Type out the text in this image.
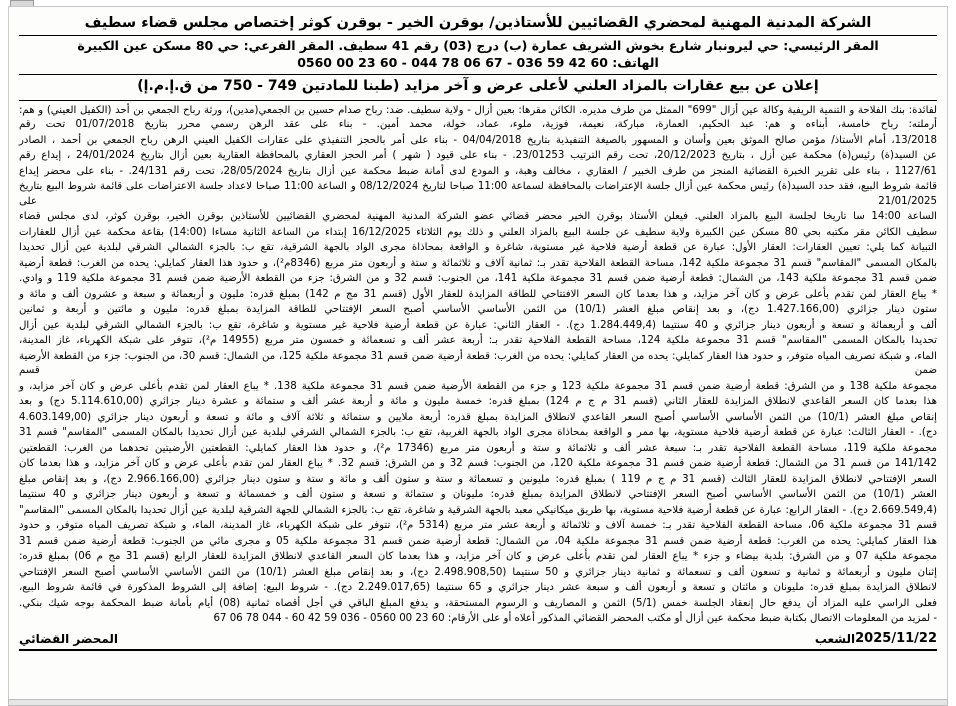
الشركة المدنية المهنية لمحضري القضائيين للأستاذين/ بوقرن الخير - بوقرن كوثر إختصاص مجلس قضاء سطيف
المقر الرئيسي: حي ليرونبار شارع بخوش الشريف عمارة (ب) درج (03) رقم 41 سطيف. المقر الفرعي: حي 80 مسكن عين الكبيرة
الهاتف: 60 42 59 036 - 67 06 78 044 - 60 23 00 0560
إعلان عن بيع عقارات بالمزاد العلني لأعلى عرض و آخر مزايد (طبنا للمادتين 749 - 750 من ق.إ.م.إ)

لفائدة: بنك الفلاحة و التنمية الريفية وكالة عين أزال "699" الممثل من طرف مديره. الكائن مقرها: بعين أزال - ولاية سطيف. ضد: رباح صدام حسين بن الجمعي(مدين)، ورثة رباح الجمعي بن أحد (الكفيل العيني) و هم: أرملته: رباح خامسة، أبناءه و هم: عبد الحكيم، العمارة، مباركة، نعيمة، فوزية، ملوء، عماد، خولة، محمد أمين. - بناء على عقد الرهن رسمي محرر بتاريخ 01/07/2018 تحت رقم

13/2018، أمام الأستاذ/ مؤمن صالح الموثق بعين وأسان و المسهور بالصيغة التنفيذية بتاريخ 04/04/2018 - بناء على أمر بالحجز التنفيذي على عقارات الكفيل العيني الرهن رباح الجمعي بن أحمد ، الصادر

عن السيد(ة) رئيس(ة) محكمة عين أزل ، بتاريخ 20/12/2023، تحت رقم الترتيب 23/01253. - بناء على قيود ( شهر ) أمر الحجز العقاري بالمحافظة العقارية بعين أزال بتاريخ 24/01/2024 ، إيداع رقم

1127/61 ، بناء على تقرير الخبرة القضائية المنجز من طرف الخبير / العقاري ، مخالف وهبة، و المودع لدى أمانة ضبط محكمة عين أزال بتاريخ 28/05/2024، تحت رقم 24/131. - بناء على محضر إيداع

قائمة شروط البيع، فقد حدد السيد(ة) رئيس محكمة عين أزال جلسة الإعتراضات بالمحافظة لسماعة 11:00 صباحا لتاريخ 08/12/2024 و الساعة 11:00 صباحا لاعداد جلسة الاعتراضات على قائمة شروط البيع بتاريخ 21/01/2025 على

الساعة 14:00 سا تاريخا لجلسة البيع بالمزاد العلني. فيعلن الأستاذ بوقرن الخير محضر قضائي عضو الشركة المدنية المهنية لمحضري القضائيين للأستاذين بوقرن الخير، بوقرن كوثر، لدى مجلس قضاء

سطيف الكائن مقر مكتبه بحي 80 مسكن عين الكبيرة ولاية سطيف عن جلسة البيع بالمزاد العلني و ذلك يوم الثلاثاء 16/12/2025 إبتداء من الساعة الثانية مساءا (14:00) بقاعة محكمة عين أزال للعقارات

التبيانة كما يلي: تعيين العقارات: العقار الأول: عبارة عن قطعة أرضية فلاحية غير مستوية، شاغرة و الواقعة بمحاذاة مجرى الواد بالجهة الشرقية، تقع ب: بالجزء الشمالي الشرقي لبلدية عين أزال تحديدا

بالمكان المسمى "المقاسم" قسم 31 مجموعة ملكية 142، مساحة القطعة الفلاحية تقدر بـ: ثمانية آلاف و ثلاثمائة و ستة و أربعون متر مربع (8346م²)، و حدود هذا العقار كمايلي: يحده من الغرب: قطعة أرضية

ضمن قسم 31 مجموعة ملكية 143، من الشمال: قطعة أرضية ضمن قسم 31 مجموعة ملكية 141، من الجنوب: قسم 32 و من الشرق: جزء من القطعة الأرضية ضمن قسم 31 مجموعة ملكية 119 و وادي.

* يباع العقار لمن تقدم بأعلى عرض و كان آخر مزايد، و هذا بعدما كان السعر الافتتاحي للطاقة المزايدة للعقار الأول (قسم 31 مج م 142) بمبلغ قدره: مليون و أربعمائة و سبعة و عشرون ألف و مائة و

ستون دينار جزائري (1.427.166,00 دج)، و بعد إنقاص مبلغ العشر (10/1) من الثمن الأساسي الأساسي أصبح السعر الإفتتاحي للطاقة المزايدة بمبلغ قدره: مليون و مائتين و أربعة و ثمانين

ألف و أربعمائة و تسعة و أربعون دينار جزائري و 40 سنتيما (1.284.449,4 دج). - العقار الثاني: عبارة عن قطعة أرضية فلاحية غير مستوية و شاغرة، تقع ب: بالجزء الشمالي الشرقي لبلدية عين أزال

تحديدا بالمكان المسمى "المقاسم" قسم 31 مجموعة ملكية 124، مساحة القطعة الفلاحية تقدر بـ: أربعة عشر ألف و تسعمائة و خمسون متر مربع (14955 م²)، تتوفر على شبكة الكهرباء، غاز المدينة،

الماء، و شبكة تصريف المياه متوفر، و حدود هذا العقار كمايلي: يحده من العقار كمايلي: يحده من الغرب: قطعة أرضية ضمن قسم 31 مجموعة ملكية 125، من الشمال: قسم 30، من الجنوب: جزء من القطعة الأرضية ضمن قسم

مجموعة ملكية 138 و من الشرق: قطعة أرضية ضمن قسم 31 مجموعة ملكية 123 و جزء من القطعة الأرضية ضمن قسم 31 مجموعة ملكية 138. * يباع العقار لمن تقدم بأعلى عرض و كان آخر مزايد، و

هذا بعدما كان السعر القاعدي لانطلاق المزايدة للعقار الثاني (قسم 31 م ج م 124) بمبلغ قدره: خمسة مليون و مائة و أربعة عشر ألف و ستمائة و عشرة دينار جزائري (5.114.610,00 دج) و بعد

إنقاص مبلغ العشر (10/1) من الثمن الأساسي الأساسي أصبح السعر القاعدي لانطلاق المزايدة بمبلغ قدره: أربعة ملايين و ستمائة و ثلاثة آلاف و مائة و تسعة و أربعون دينار جزائري (4.603.149,00

دج). - العقار الثالث: عبارة عن قطعة أرضية فلاحية مستوية، بها ممر و الواقعة بمحاذاة مجرى الواد بالجهة الغربية، تقع ب: بالجزء الشمالي الشرقي لبلدية عين أزال تحديدا بالمكان المسمى "المقاسم" قسم 31

مجموعة ملكية 119، مساحة القطعة الفلاحية تقدر بـ: سبعة عشر ألف و ثلاثمائة و ستة و أربعون متر مربع (17346 م²)، و حدود هذا العقار كمايلي: القطعتين الأرضيتين تحدهما من الغرب: القطعتين

141/142 من قسم 31 من الشمال: قطعة أرضية ضمن قسم 31 مجموعة ملكية 120، من الجنوب: قسم 32 و من الشرق: قسم 32. * يباع العقار لمن تقدم بأعلى عرض و كان آخر مزايد، و هذا بعدما كان

السعر الإفتتاحي لانطلاق المزايدة للعقار الثالث (قسم 31 م ج م 119 ) بمبلغ قدره: مليونين و تسعمائة و ستة و ستون ألف و مائة و ستة و ستون دينار جزائري (2.966.166,00 دج)، و بعد إنقاص مبلغ

العشر (10/1) من الثمن الأساسي الأساسي أصبح السعر الإفتتاحي لانطلاق المزايدة بمبلغ قدره: مليونان و ستمائة و تسعة و ستون ألف و خمسمائة و تسعة و أربعون دينار جزائري و 40 سنتيما

(2.669.549,4 دج). - العقار الرابع: عبارة عن قطعة أرضية فلاحية مستوية، بها طريق ميكانيكي معبد بالجهة الشرقية و شاغرة، تقع ب: بالجزء الشمالي للجهة الشرقية لبلدية عين أزال تحديدا بالمكان المسمى "المقاسم"

قسم 31 مجموعة ملكية 06، مساحة القطعة الفلاحية تقدر بـ: خمسة آلاف و ثلاثمائة و أربعة عشر متر مربع (5314 م²)، تتوفر على شبكة الكهرباء، غاز المدينة، الماء، و شبكة تصريف المياه متوفر، و حدود

هذا العقار كمايلي: يحده من الغرب: قطعة أرضية ضمن قسم 31 مجموعة ملكية 04، من الشمال: قطعة أرضية ضمن قسم 31 مجموعة ملكية 05 و مجرى مائي من الجنوب: قطعة أرضية ضمن قسم 31

مجموعة ملكية 07 و من الشرق: بلدية بيضاء و جزء * يباع العقار لمن تقدم بأعلى عرض و كان آخر مزايد، و هذا بعدما كان السعر القاعدي لانطلاق المزايدة للعقار الرابع (قسم 31 مج م 06) بمبلغ قدره:

إثنان مليون و أربعمائة و ثمانية و تسعون ألف و تسعمائة و ثمانية دينار جزائري و 50 سنتيما (2.498.908,50 دج)، و بعد إنقاص مبلغ العشر (10/1) من الثمن الأساسي الأساسي أصبح السعر الإفتتاحي

لانطلاق المزايدة بمبلغ قدره: مليونان و مائتان و تسعة و أربعون ألف و سبعة عشر دينار جزائري و 65 سنتيما (2.249.017,65 دج). - شروط البيع: إضافة إلى الشروط المذكورة في قائمة شروط البيع،

فعلى الراسي عليه المزاد أن يدفع حال إنعقاد الجلسة خمس (5/1) الثمن و المصاريف و الرسوم المستحقة، و يدفع المبلغ الباقي في أجل أقصاه ثمانية (08) أيام بأمانة ضبط المحكمة بوجه شيك بنكي.

- لمزيد من المعلومات الاتصال بكتابة ضبط محكمة عين أزال أو مكتب المحضر القضائي المذكور أعلاه أو على الأرقام: 60 23 00 0560 - 036 59 42 60 - 044 78 06 67

2025/11/22
الشعب
المحضر القضائي
